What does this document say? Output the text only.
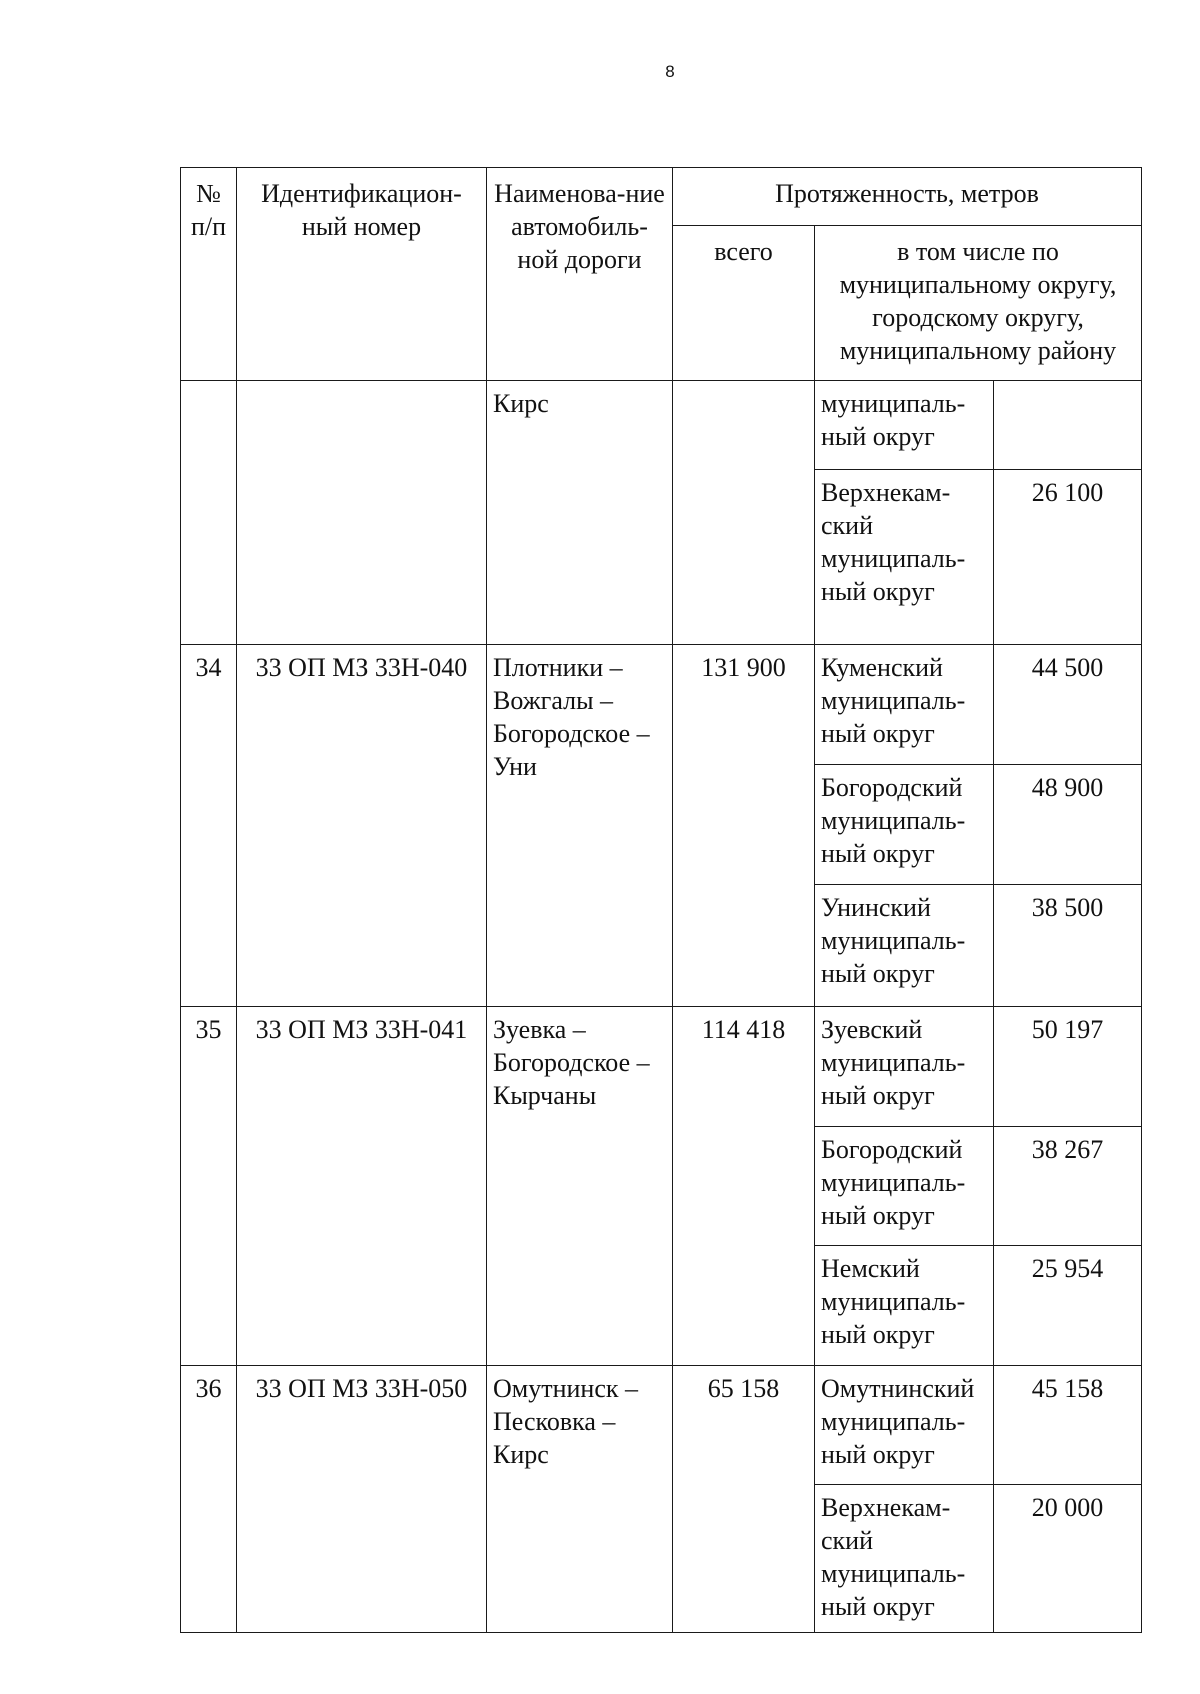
8
№ п/п	Идентификацион-ный номер	Наименова-ние автомобиль-ной дороги	Протяженность, метров		
			всего	в том числе по муниципальному округу, городскому округу, муниципальному району	
		Кирс		муниципаль-ный округ	
				Верхнекам-ский муниципаль-ный округ	26 100
34	33 ОП МЗ 33Н-040	Плотники – Вожгалы – Богородское – Уни	131 900	Куменский муниципаль-ный округ	44 500
				Богородский муниципаль-ный округ	48 900
				Унинский муниципаль-ный округ	38 500
35	33 ОП МЗ 33Н-041	Зуевка – Богородское – Кырчаны	114 418	Зуевский муниципаль-ный округ	50 197
				Богородский муниципаль-ный округ	38 267
				Немский муниципаль-ный округ	25 954
36	33 ОП МЗ 33Н-050	Омутнинск – Песковка – Кирс	65 158	Омутнинский муниципаль-ный округ	45 158
				Верхнекам-ский муниципаль-ный округ	20 000
